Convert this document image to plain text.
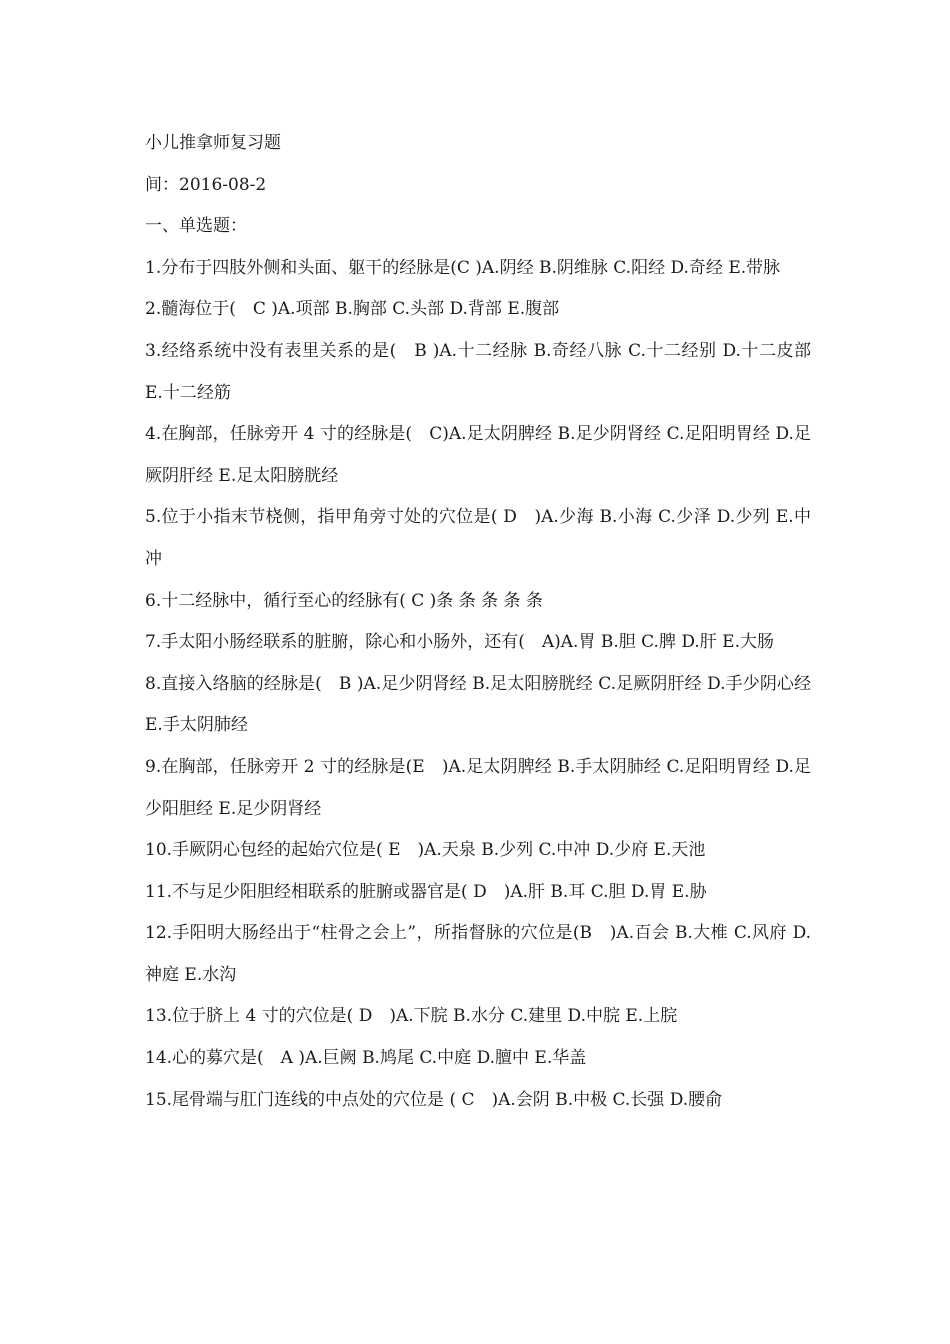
小儿推拿师复习题

间：2016-08-2

一、单选题：

1.分布于四肢外侧和头面、躯干的经脉是(C )A.阴经 B.阴维脉 C.阳经 D.奇经 E.带脉

2.髓海位于(　C )A.项部 B.胸部 C.头部 D.背部 E.腹部

3.经络系统中没有表里关系的是(　B )A.十二经脉 B.奇经八脉 C.十二经别 D.十二皮部 E.十二经筋

4.在胸部，任脉旁开 4 寸的经脉是(　C)A.足太阴脾经 B.足少阴肾经 C.足阳明胃经 D.足厥阴肝经 E.足太阳膀胱经

5.位于小指末节桡侧，指甲角旁寸处的穴位是( D　)A.少海 B.小海 C.少泽 D.少列 E.中冲

6.十二经脉中，循行至心的经脉有( C )条 条 条 条 条

7.手太阳小肠经联系的脏腑，除心和小肠外，还有(　A)A.胃 B.胆 C.脾 D.肝 E.大肠

8.直接入络脑的经脉是(　B )A.足少阴肾经 B.足太阳膀胱经 C.足厥阴肝经 D.手少阴心经 E.手太阴肺经

9.在胸部，任脉旁开 2 寸的经脉是(E　)A.足太阴脾经 B.手太阴肺经 C.足阳明胃经 D.足少阳胆经 E.足少阴肾经

10.手厥阴心包经的起始穴位是( E　)A.天泉 B.少列 C.中冲 D.少府 E.天池

11.不与足少阳胆经相联系的脏腑或器官是( D　)A.肝 B.耳 C.胆 D.胃 E.胁

12.手阳明大肠经出于“柱骨之会上”，所指督脉的穴位是(B　)A.百会 B.大椎 C.风府 D.神庭 E.水沟

13.位于脐上 4 寸的穴位是( D　)A.下脘 B.水分 C.建里 D.中脘 E.上脘

14.心的募穴是(　A )A.巨阙 B.鸠尾 C.中庭 D.膻中 E.华盖

15.尾骨端与肛门连线的中点处的穴位是 ( C　)A.会阴 B.中极 C.长强 D.腰俞
